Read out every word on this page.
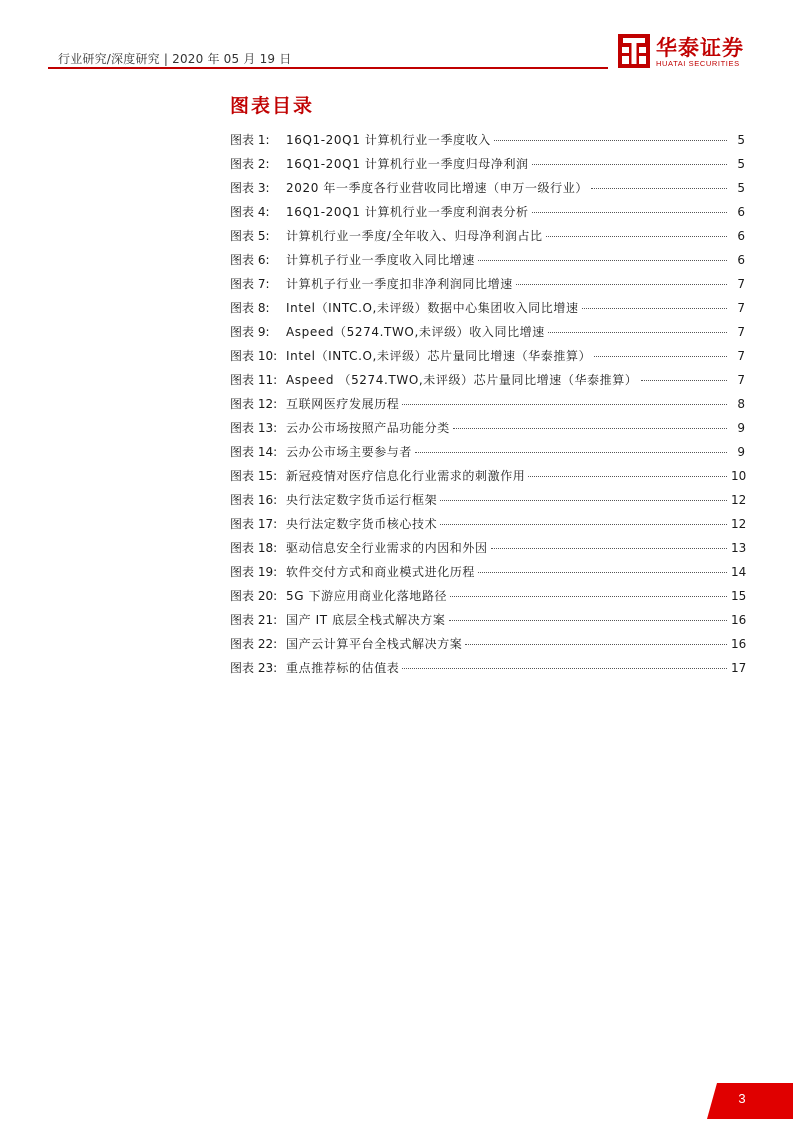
行业研究/深度研究 | 2020 年 05 月 19 日	华泰证券
HUATAI SECURITIES
图表目录
图表 1:	16Q1-20Q1 计算机行业一季度收入	5
图表 2:	16Q1-20Q1 计算机行业一季度归母净利润	5
图表 3:	2020 年一季度各行业营收同比增速（申万一级行业）	5
图表 4:	16Q1-20Q1 计算机行业一季度利润表分析	6
图表 5:	计算机行业一季度/全年收入、归母净利润占比	6
图表 6:	计算机子行业一季度收入同比增速	6
图表 7:	计算机子行业一季度扣非净利润同比增速	7
图表 8:	Intel（INTC.O,未评级）数据中心集团收入同比增速	7
图表 9:	Aspeed（5274.TWO,未评级）收入同比增速	7
图表 10: Intel（INTC.O,未评级）芯片量同比增速（华泰推算）	7
图表 11: Aspeed （5274.TWO,未评级）芯片量同比增速（华泰推算）	7
图表 12: 互联网医疗发展历程	8
图表 13: 云办公市场按照产品功能分类	9
图表 14: 云办公市场主要参与者	9
图表 15: 新冠疫情对医疗信息化行业需求的刺激作用	10
图表 16: 央行法定数字货币运行框架	12
图表 17: 央行法定数字货币核心技术	12
图表 18: 驱动信息安全行业需求的内因和外因	13
图表 19: 软件交付方式和商业模式进化历程	14
图表 20: 5G 下游应用商业化落地路径	15
图表 21: 国产 IT 底层全栈式解决方案	16
图表 22: 国产云计算平台全栈式解决方案	16
图表 23: 重点推荐标的估值表	17
3
